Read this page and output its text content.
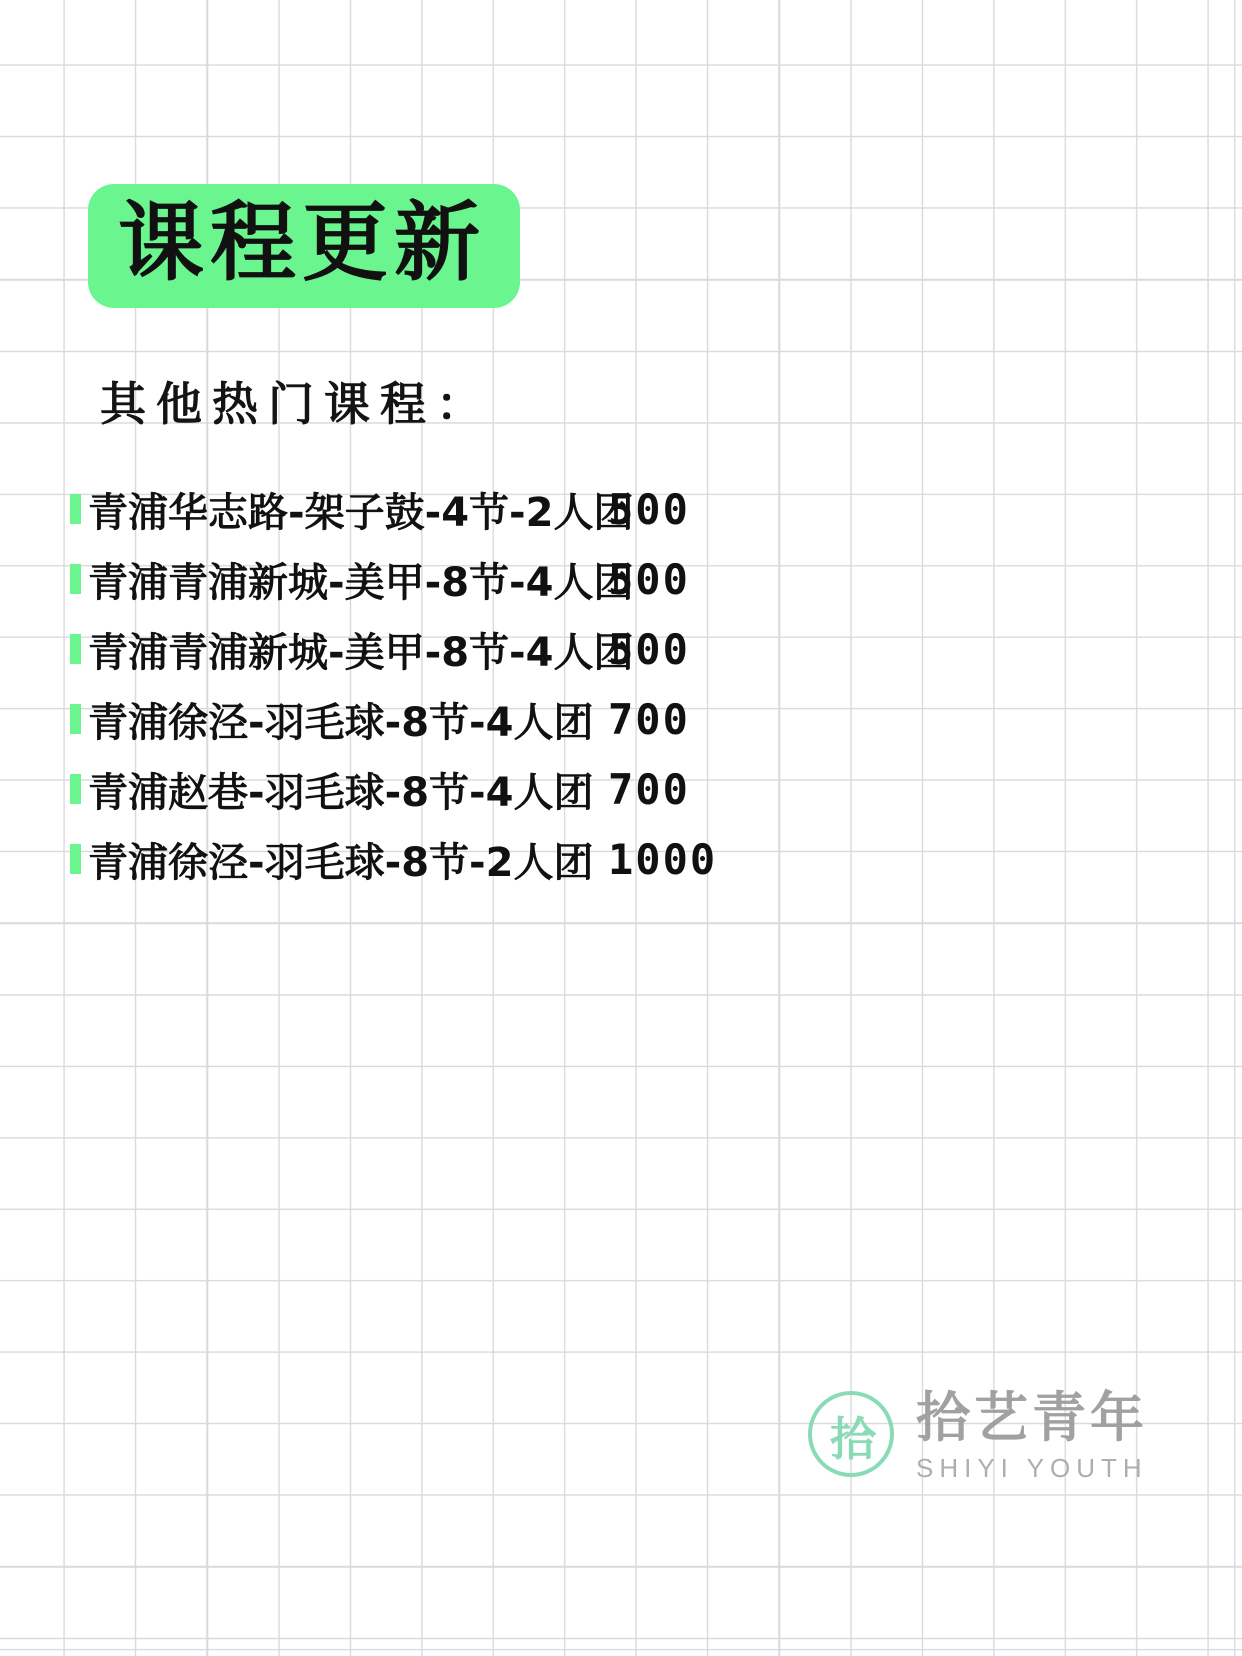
课程更新
其他热门课程：
青浦华志路-架子鼓-4节-2人团
500
青浦青浦新城-美甲-8节-4人团
500
青浦青浦新城-美甲-8节-4人团
500
青浦徐泾-羽毛球-8节-4人团 700
青浦赵巷-羽毛球-8节-4人团 700
青浦徐泾-羽毛球-8节-2人团 1000
拾 拾艺青年
SHIYI YOUTH
